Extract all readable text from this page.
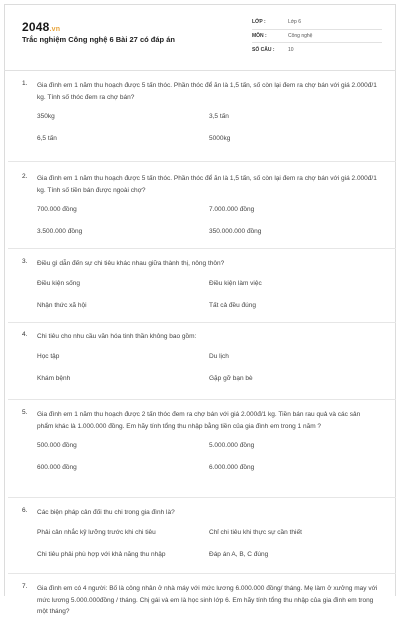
2048.vn
Trắc nghiệm Công nghệ 6 Bài 27 có đáp án
LỚP :	Lớp 6
MÔN :	Công nghệ
SỐ CÂU :	10
1. Gia đình em 1 năm thu hoạch được 5 tấn thóc. Phần thóc để ăn là 1,5 tấn, số còn lại đem ra chợ bán với giá 2.000đ/1 kg. Tính số thóc đem ra chợ bán?
350kg	3,5 tấn
6,5 tấn	5000kg
2. Gia đình em 1 năm thu hoạch được 5 tấn thóc. Phần thóc để ăn là 1,5 tấn, số còn lại đem ra chợ bán với giá 2.000đ/1 kg. Tính số tiền bán được ngoài chợ?
700.000 đồng	7.000.000 đồng
3.500.000 đồng	350.000.000 đồng
3. Điều gì dẫn đến sự chi tiêu khác nhau giữa thành thị, nông thôn?
Điều kiện sống	Điều kiện làm việc
Nhận thức xã hội	Tất cả đều đúng
4. Chi tiêu cho nhu cầu văn hóa tinh thần không bao gồm:
Học tập	Du lịch
Khám bệnh	Gặp gỡ bạn bè
5. Gia đình em 1 năm thu hoạch được 2 tấn thóc đem ra chợ bán với giá 2.000đ/1 kg. Tiền bán rau quả và các sản phẩm khác là 1.000.000 đồng. Em hãy tính tổng thu nhập bằng tiền của gia đình em trong 1 năm ?
500.000 đồng	5.000.000 đồng
600.000 đồng	6.000.000 đồng
6. Các biện pháp cân đối thu chi trong gia đình là?
Phải cân nhắc kỹ lưỡng trước khi chi tiêu	Chỉ chi tiêu khi thực sự cần thiết
Chi tiêu phải phù hợp với khả năng thu nhập	Đáp án A, B, C đúng
7. Gia đình em có 4 người: Bố là công nhân ở nhà máy với mức lương 6.000.000 đồng/ tháng. Mẹ làm ở xưởng may với mức lương 5.000.000đồng / tháng. Chị gái và em là học sinh lớp 6. Em hãy tính tổng thu nhập của gia đình em trong một tháng?
